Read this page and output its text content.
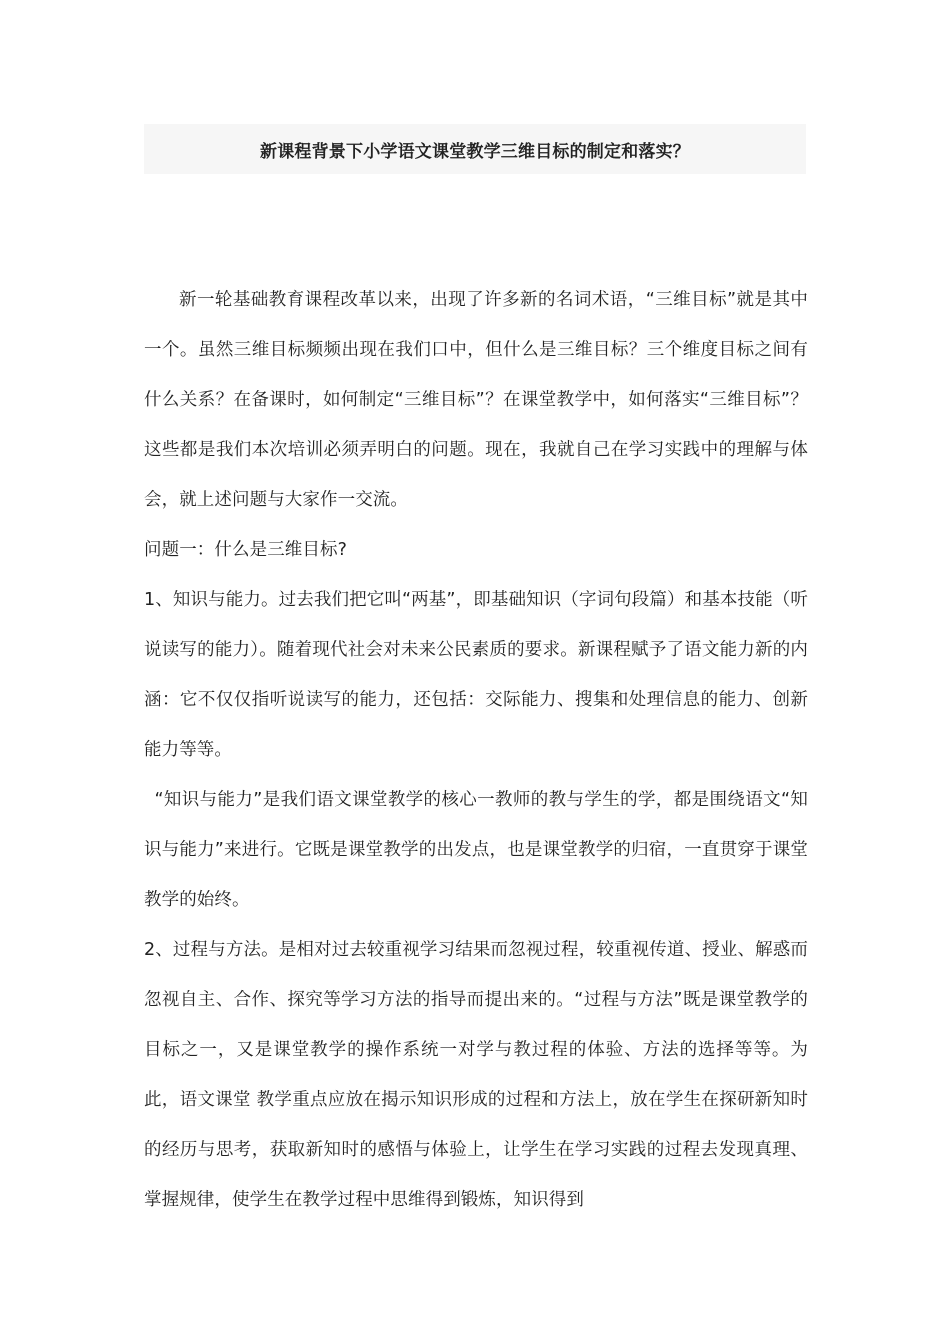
新课程背景下小学语文课堂教学三维目标的制定和落实？

新一轮基础教育课程改革以来，出现了许多新的名词术语，“三维目标”就是其中一个。虽然三维目标频频出现在我们口中，但什么是三维目标？三个维度目标之间有什么关系？在备课时，如何制定“三维目标”？在课堂教学中，如何落实“三维目标”？这些都是我们本次培训必须弄明白的问题。现在，我就自己在学习实践中的理解与体会，就上述问题与大家作一交流。

问题一：什么是三维目标?

1、知识与能力。过去我们把它叫“两基”，即基础知识（字词句段篇）和基本技能（听说读写的能力）。随着现代社会对未来公民素质的要求。新课程赋予了语文能力新的内涵：它不仅仅指听说读写的能力，还包括：交际能力、搜集和处理信息的能力、创新能力等等。

“知识与能力”是我们语文课堂教学的核心一教师的教与学生的学，都是围绕语文“知识与能力”来进行。它既是课堂教学的出发点，也是课堂教学的归宿，一直贯穿于课堂教学的始终。

2、过程与方法。是相对过去较重视学习结果而忽视过程，较重视传道、授业、解惑而忽视自主、合作、探究等学习方法的指导而提出来的。“过程与方法”既是课堂教学的目标之一，又是课堂教学的操作系统一对学与教过程的体验、方法的选择等等。为此，语文课堂 教学重点应放在揭示知识形成的过程和方法上，放在学生在探研新知时的经历与思考，获取新知时的感悟与体验上，让学生在学习实践的过程去发现真理、掌握规律，使学生在教学过程中思维得到锻炼，知识得到
